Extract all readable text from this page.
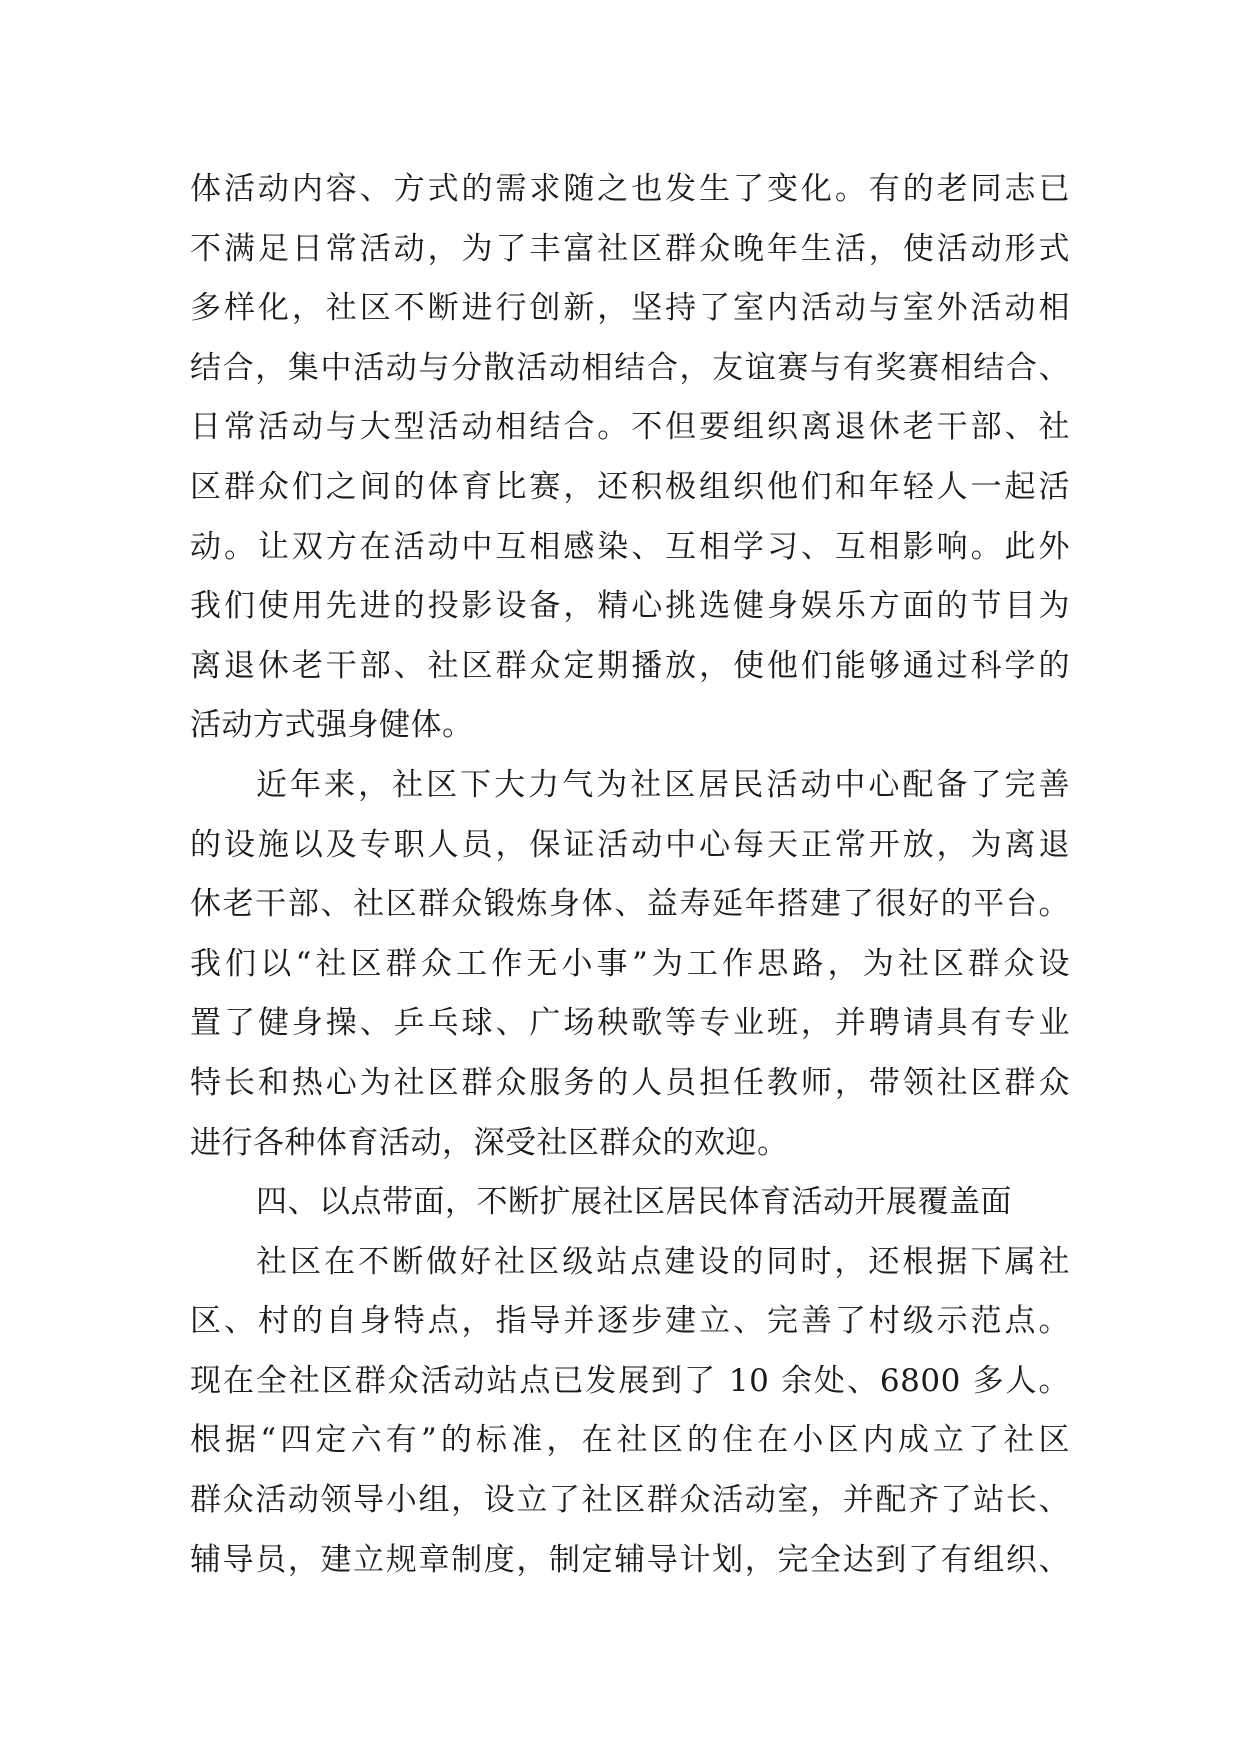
体活动内容、方式的需求随之也发生了变化。有的老同志已
不满足日常活动，为了丰富社区群众晚年生活，使活动形式
多样化，社区不断进行创新，坚持了室内活动与室外活动相
结合，集中活动与分散活动相结合，友谊赛与有奖赛相结合、
日常活动与大型活动相结合。不但要组织离退休老干部、社
区群众们之间的体育比赛，还积极组织他们和年轻人一起活
动。让双方在活动中互相感染、互相学习、互相影响。此外
我们使用先进的投影设备，精心挑选健身娱乐方面的节目为
离退休老干部、社区群众定期播放，使他们能够通过科学的
活动方式强身健体。
近年来，社区下大力气为社区居民活动中心配备了完善
的设施以及专职人员，保证活动中心每天正常开放，为离退
休老干部、社区群众锻炼身体、益寿延年搭建了很好的平台。
我们以“社区群众工作无小事”为工作思路，为社区群众设
置了健身操、乒乓球、广场秧歌等专业班，并聘请具有专业
特长和热心为社区群众服务的人员担任教师，带领社区群众
进行各种体育活动，深受社区群众的欢迎。
四、以点带面，不断扩展社区居民体育活动开展覆盖面
社区在不断做好社区级站点建设的同时，还根据下属社
区、村的自身特点，指导并逐步建立、完善了村级示范点。
现在全社区群众活动站点已发展到了 10 余处、6800 多人。
根据“四定六有”的标准，在社区的住在小区内成立了社区
群众活动领导小组，设立了社区群众活动室，并配齐了站长、
辅导员，建立规章制度，制定辅导计划，完全达到了有组织、
